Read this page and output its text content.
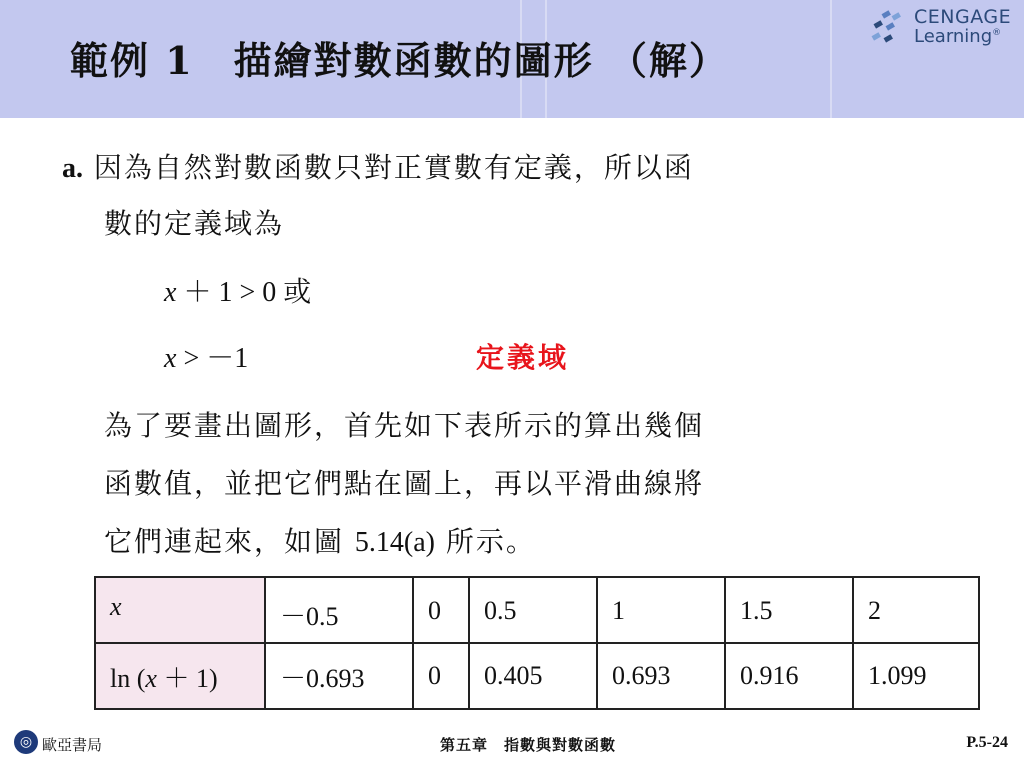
範例 1　描繪對數函數的圖形 （解）
CENGAGE
Learning®
a. 因為自然對數函數只對正實數有定義，所以函
數的定義域為
x ＋ 1 > 0 或
x > －1	定義域
為了要畫出圖形，首先如下表所示的算出幾個
函數值，並把它們點在圖上，再以平滑曲線將
它們連起來，如圖 5.14(a) 所示。
x	－0.5	0	0.5	1	1.5	2
ln (x ＋ 1)	－0.693	0	0.405	0.693	0.916	1.099
◎ 歐亞書局	第五章　指數與對數函數	P.5-24
